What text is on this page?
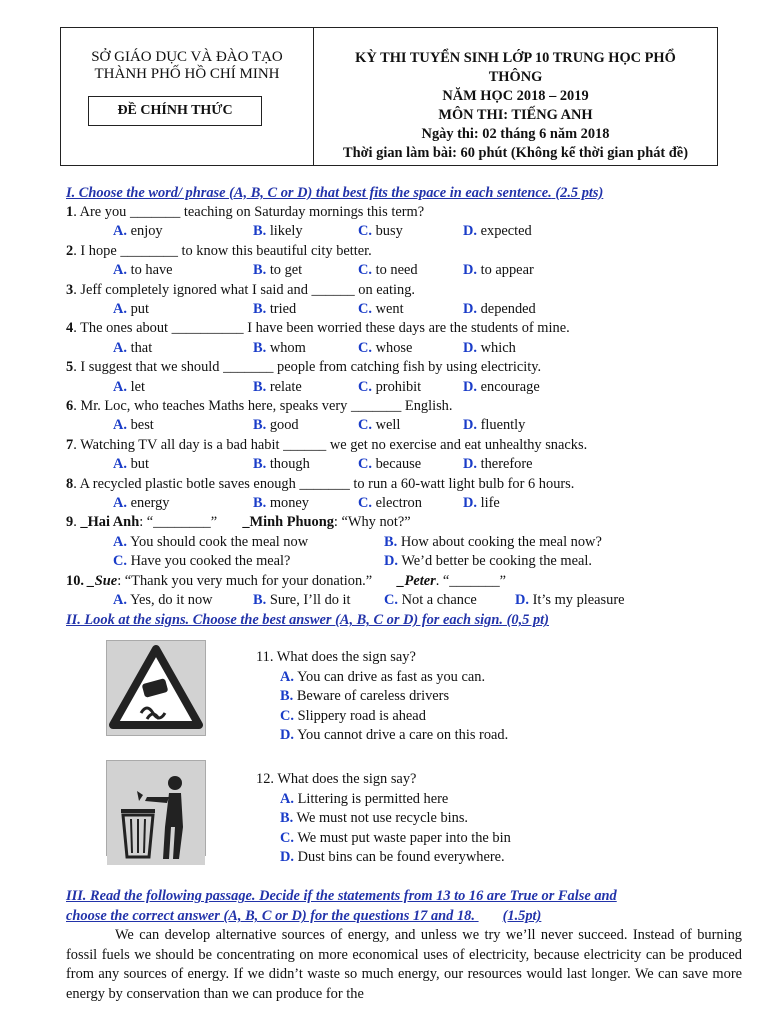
SỞ GIÁO DỤC VÀ ĐÀO TẠO
THÀNH PHỐ HỒ CHÍ MINH
ĐỀ CHÍNH THỨC
KỲ THI TUYỂN SINH LỚP 10 TRUNG HỌC PHỔ
THÔNG
NĂM HỌC 2018 – 2019
MÔN THI: TIẾNG ANH
Ngày thi: 02 tháng 6 năm 2018
Thời gian làm bài: 60 phút (Không kể thời gian phát đề)
I. Choose the word/ phrase (A, B, C or D) that best fits the space in each sentence. (2.5 pts)
1. Are you _______ teaching on Saturday mornings this term?
A. enjoy	B. likely	C. busy	D. expected
2. I hope ________ to know this beautiful city better.
A. to have	B. to get	C. to need	D. to appear
3. Jeff completely ignored what I said and ______ on eating.
A. put	B. tried	C. went	D. depended
4. The ones about __________ I have been worried these days are the students of mine.
A. that	B. whom	C. whose	D. which
5. I suggest that we should _______ people from catching fish by using electricity.
A. let	B. relate	C. prohibit	D. encourage
6. Mr. Loc, who teaches Maths here, speaks very _______ English.
A. best	B. good	C. well	D. fluently
7. Watching TV all day is a bad habit ______ we get no exercise and eat unhealthy snacks.
A. but	B. though	C. because	D. therefore
8. A recycled plastic botle saves enough _______ to run a 60-watt light bulb for 6 hours.
A. energy	B. money	C. electron	D. life
9. _Hai Anh: “________” _Minh Phuong: “Why not?”
A. You should cook the meal now	B. How about cooking the meal now?
C. Have you cooked the meal?	D. We’d better be cooking the meal.
10. _Sue: “Thank you very much for your donation.” _Peter. “_______”
A. Yes, do it now	B. Sure, I’ll do it C. Not a chance	D. It’s my pleasure
II. Look at the signs. Choose the best answer (A, B, C or D) for each sign. (0,5 pt)
11. What does the sign say?
A. You can drive as fast as you can.
B. Beware of careless drivers
C. Slippery road is ahead
D. You cannot drive a care on this road.
12. What does the sign say?
A. Littering is permitted here
B. We must not use recycle bins.
C. We must put waste paper into the bin
D. Dust bins can be found everywhere.
III. Read the following passage. Decide if the statements from 13 to 16 are True or False and
choose the correct answer (A, B, C or D) for the questions 17 and 18. (1.5pt)

We can develop alternative sources of energy, and unless we try we’ll never succeed. Instead of burning fossil fuels we should be concentrating on more economical uses of electricity, because electricity can be produced from any sources of energy. If we didn’t waste so much energy, our resources would last longer. We can save more energy by conservation than we can produce for the
